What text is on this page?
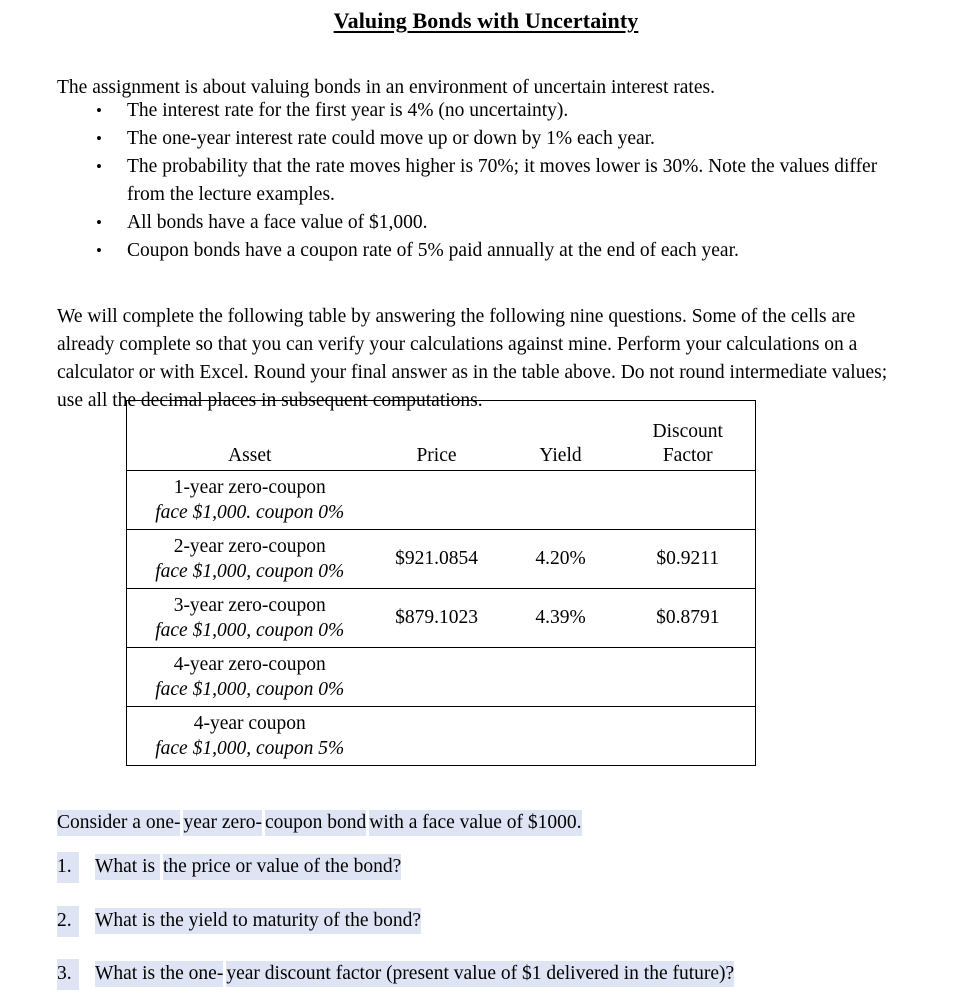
Valuing Bonds with Uncertainty

The assignment is about valuing bonds in an environment of uncertain interest rates.

• The interest rate for the first year is 4% (no uncertainty).
• The one-year interest rate could move up or down by 1% each year.
• The probability that the rate moves higher is 70%; it moves lower is 30%. Note the values differ from the lecture examples.
• All bonds have a face value of $1,000.
• Coupon bonds have a coupon rate of 5% paid annually at the end of each year.

We will complete the following table by answering the following nine questions. Some of the cells are already complete so that you can verify your calculations against mine. Perform your calculations on a calculator or with Excel. Round your final answer as in the table above. Do not round intermediate values; use all the decimal places in subsequent computations.

Asset	Price	Yield	Discount
Factor

1-year zero-coupon
face $1,000. coupon 0%			

2-year zero-coupon
face $1,000, coupon 0%	$921.0854	4.20%	$0.9211

3-year zero-coupon
face $1,000, coupon 0%	$879.1023	4.39%	$0.8791

4-year zero-coupon
face $1,000, coupon 0%			

4-year coupon
face $1,000, coupon 5%			

Consider a one- year zero- coupon bond with a face value of $1000.
1. What is the price or value of the bond?
2. What is the yield to maturity of the bond?
3. What is the one- year discount factor (present value of $1 delivered in the future)?
